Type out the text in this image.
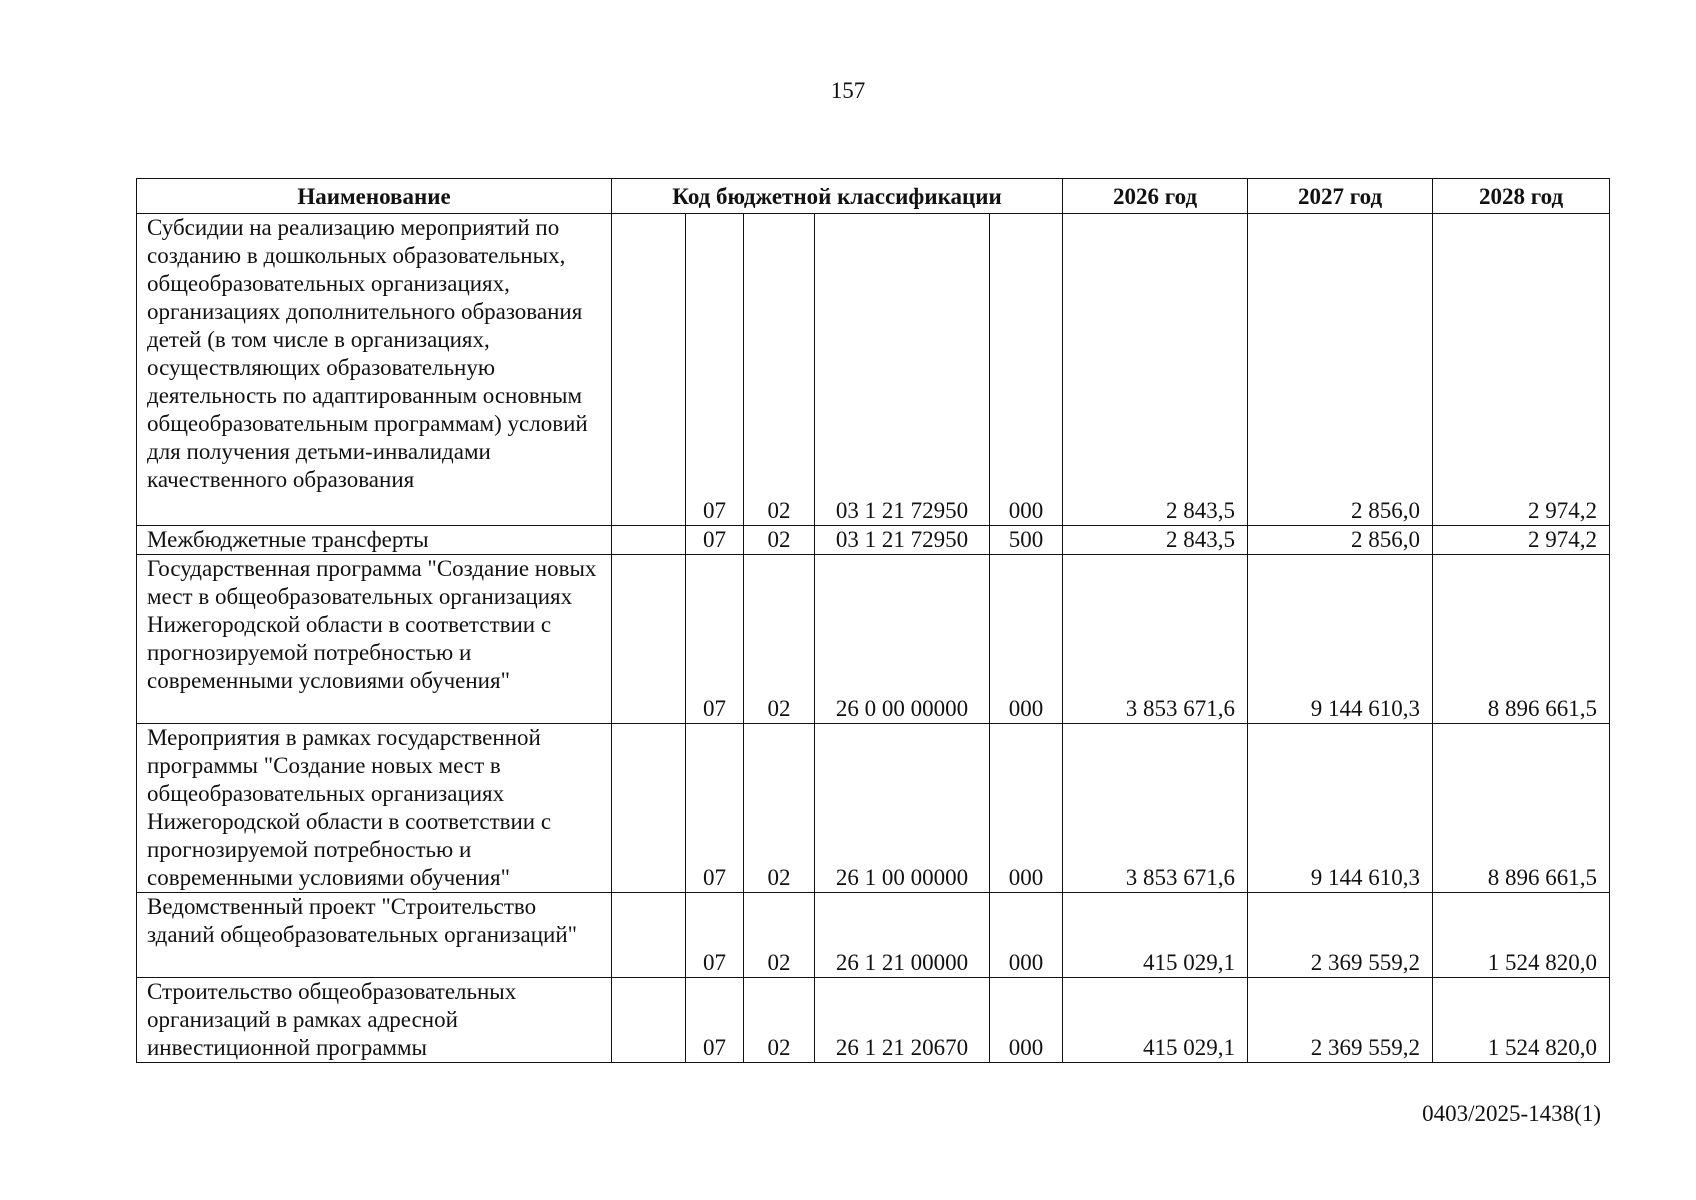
157
Наименование	Код бюджетной классификации					2026 год	2027 год	2028 год

Субсидии на реализацию мероприятий по созданию в дошкольных образовательных, общеобразовательных организациях, организациях дополнительного образования детей (в том числе в организациях, осуществляющих образовательную деятельность по адаптированным основным общеобразовательным программам) условий для получения детьми-инвалидами качественного образования		07	02	03 1 21 72950	000	2 843,5	2 856,0	2 974,2

Межбюджетные трансферты		07	02	03 1 21 72950	500	2 843,5	2 856,0	2 974,2

Государственная программа "Создание новых мест в общеобразовательных организациях Нижегородской области в соответствии с прогнозируемой потребностью и современными условиями обучения"		07	02	26 0 00 00000	000	3 853 671,6	9 144 610,3	8 896 661,5

Мероприятия в рамках государственной программы "Создание новых мест в общеобразовательных организациях Нижегородской области в соответствии с прогнозируемой потребностью и современными условиями обучения"		07	02	26 1 00 00000	000	3 853 671,6	9 144 610,3	8 896 661,5

Ведомственный проект "Строительство зданий общеобразовательных организаций"		07	02	26 1 21 00000	000	415 029,1	2 369 559,2	1 524 820,0

Строительство общеобразовательных организаций в рамках адресной инвестиционной программы		07	02	26 1 21 20670	000	415 029,1	2 369 559,2	1 524 820,0
0403/2025-1438(1)
